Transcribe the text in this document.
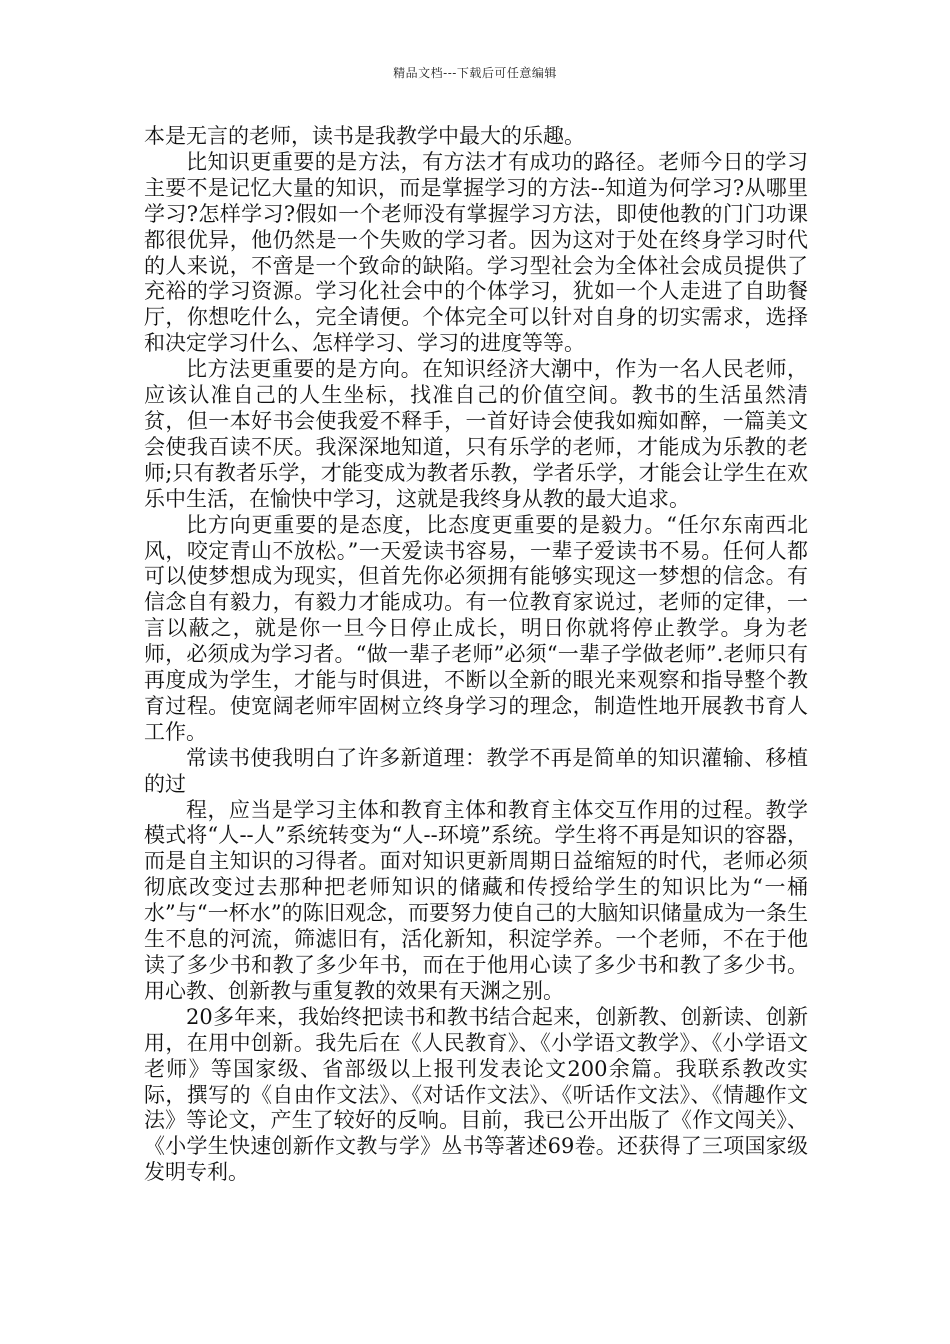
精品文档---下载后可任意编辑

本是无言的老师，读书是我教学中最大的乐趣。

比知识更重要的是方法，有方法才有成功的路径。老师今日的学习主要不是记忆大量的知识，而是掌握学习的方法--知道为何学习?从哪里学习?怎样学习?假如一个老师没有掌握学习方法，即使他教的门门功课都很优异，他仍然是一个失败的学习者。因为这对于处在终身学习时代的人来说，不啻是一个致命的缺陷。学习型社会为全体社会成员提供了充裕的学习资源。学习化社会中的个体学习，犹如一个人走进了自助餐厅，你想吃什么，完全请便。个体完全可以针对自身的切实需求，选择和决定学习什么、怎样学习、学习的进度等等。

比方法更重要的是方向。在知识经济大潮中，作为一名人民老师，应该认准自己的人生坐标，找准自己的价值空间。教书的生活虽然清贫，但一本好书会使我爱不释手，一首好诗会使我如痴如醉，一篇美文会使我百读不厌。我深深地知道，只有乐学的老师，才能成为乐教的老师;只有教者乐学，才能变成为教者乐教，学者乐学，才能会让学生在欢乐中生活，在愉快中学习，这就是我终身从教的最大追求。

比方向更重要的是态度，比态度更重要的是毅力。“任尔东南西北风，咬定青山不放松。”一天爱读书容易，一辈子爱读书不易。任何人都可以使梦想成为现实，但首先你必须拥有能够实现这一梦想的信念。有信念自有毅力，有毅力才能成功。有一位教育家说过，老师的定律，一言以蔽之，就是你一旦今日停止成长，明日你就将停止教学。身为老师，必须成为学习者。“做一辈子老师”必须“一辈子学做老师”.老师只有再度成为学生，才能与时俱进，不断以全新的眼光来观察和指导整个教育过程。使宽阔老师牢固树立终身学习的理念，制造性地开展教书育人工作。

常读书使我明白了许多新道理：教学不再是简单的知识灌输、移植的过

程，应当是学习主体和教育主体和教育主体交互作用的过程。教学模式将“人--人”系统转变为“人--环境”系统。学生将不再是知识的容器，而是自主知识的习得者。面对知识更新周期日益缩短的时代，老师必须彻底改变过去那种把老师知识的储藏和传授给学生的知识比为“一桶水”与“一杯水”的陈旧观念，而要努力使自己的大脑知识储量成为一条生生不息的河流，筛滤旧有，活化新知，积淀学养。一个老师，不在于他读了多少书和教了多少年书，而在于他用心读了多少书和教了多少书。用心教、创新教与重复教的效果有天渊之别。

20多年来，我始终把读书和教书结合起来，创新教、创新读、创新用，在用中创新。我先后在《人民教育》、《小学语文教学》、《小学语文老师》等国家级、省部级以上报刊发表论文200余篇。我联系教改实际，撰写的《自由作文法》、《对话作文法》、《听话作文法》、《情趣作文法》等论文，产生了较好的反响。目前，我已公开出版了《作文闯关》、《小学生快速创新作文教与学》丛书等著述69卷。还获得了三项国家级发明专利。
